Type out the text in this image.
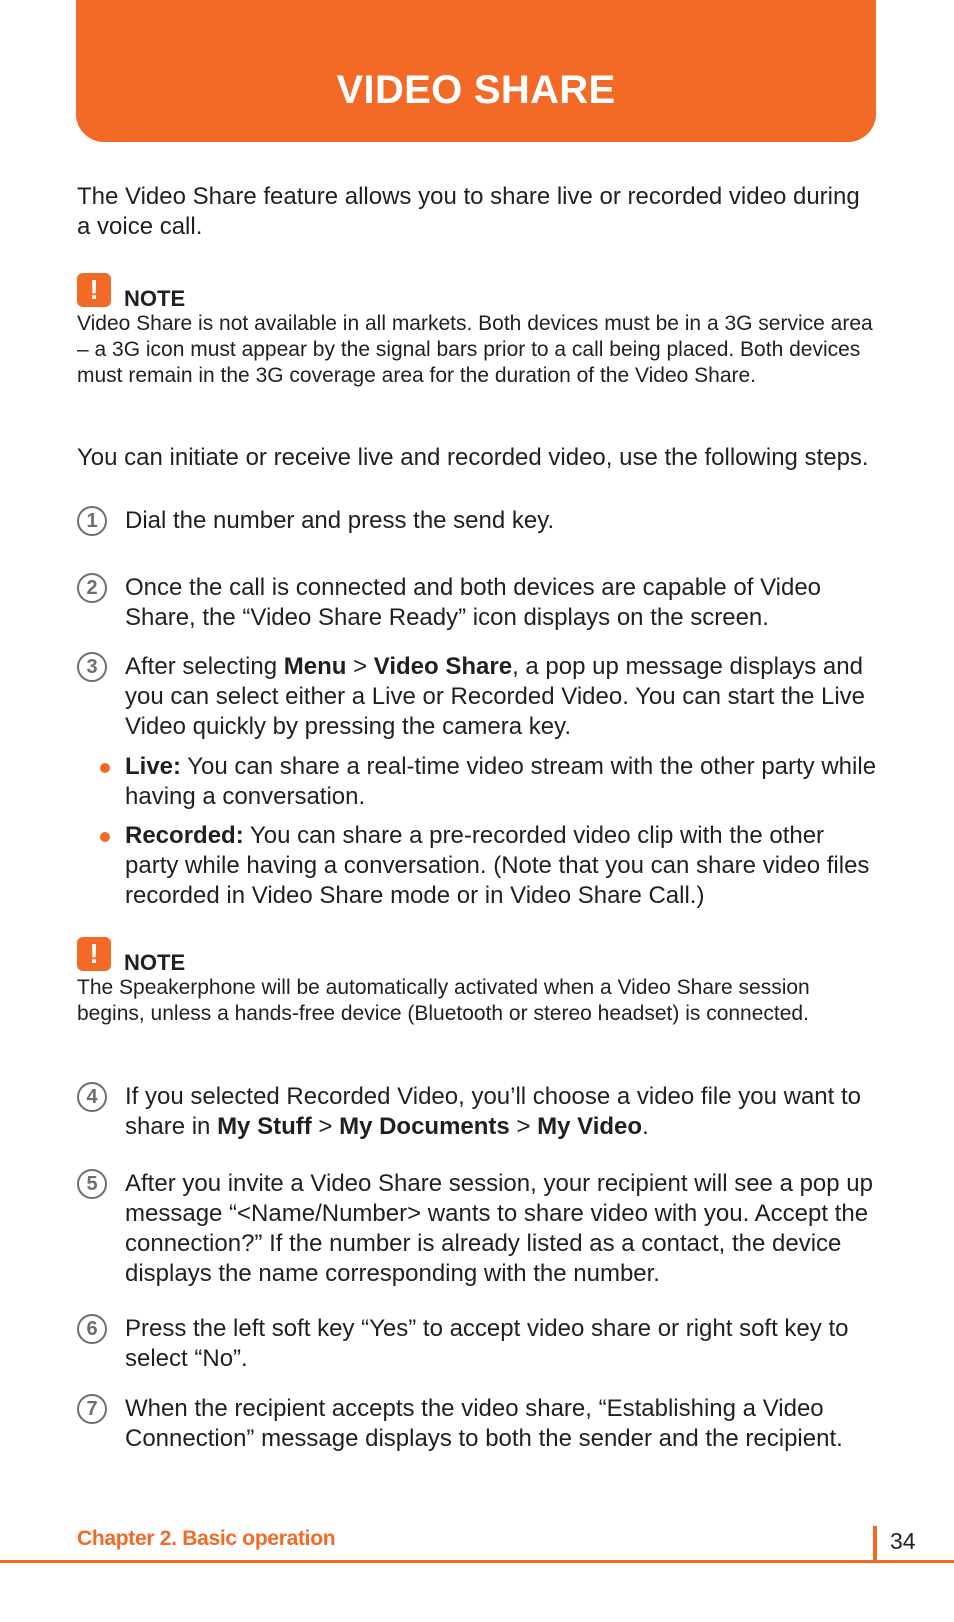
VIDEO SHARE
The Video Share feature allows you to share live or recorded video during a voice call.
!	NOTE
Video Share is not available in all markets. Both devices must be in a 3G service area – a 3G icon must appear by the signal bars prior to a call being placed. Both devices must remain in the 3G coverage area for the duration of the Video Share.
You can initiate or receive live and recorded video, use the following steps.
1	Dial the number and press the send key.
2	Once the call is connected and both devices are capable of Video Share, the “Video Share Ready” icon displays on the screen.
3	After selecting Menu > Video Share, a pop up message displays and you can select either a Live or Recorded Video. You can start the Live Video quickly by pressing the camera key.
Live: You can share a real-time video stream with the other party while having a conversation.
Recorded: You can share a pre-recorded video clip with the other party while having a conversation. (Note that you can share video files recorded in Video Share mode or in Video Share Call.)
!	NOTE
The Speakerphone will be automatically activated when a Video Share session begins, unless a hands-free device (Bluetooth or stereo headset) is connected.
4	If you selected Recorded Video, you’ll choose a video file you want to share in My Stuff > My Documents > My Video.
5	After you invite a Video Share session, your recipient will see a pop up message “<Name/Number> wants to share video with you. Accept the connection?” If the number is already listed as a contact, the device displays the name corresponding with the number.
6	Press the left soft key “Yes” to accept video share or right soft key to select “No”.
7	When the recipient accepts the video share, “Establishing a Video Connection” message displays to both the sender and the recipient.
Chapter 2. Basic operation	34
